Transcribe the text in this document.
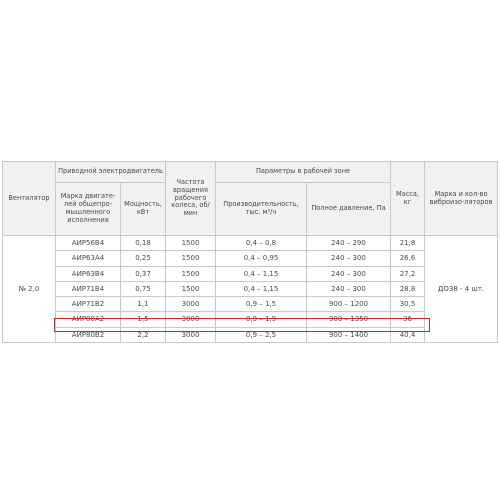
Вентилятор	Приводной электродвигатель		Частота вращения рабочего колеса, об/мин	Параметры в рабочей зоне		Масса, кг	Марка и кол-во виброизо-ляторов
	Марка двигате-лей общепро-мышленного исполнения	Мощность, кВт		Производительность, тыс. м³/ч	Полное давление, Па		
№ 2,0	АИР56В4	0,18	1500	0,4 – 0,8	240 – 290	21,8	ДО38 - 4 шт.
	АИР63А4	0,25	1500	0,4 – 0,95	240 – 300	26,6	
	АИР63В4	0,37	1500	0,4 – 1,15	240 – 300	27,2	
	АИР71В4	0,75	1500	0,4 – 1,15	240 – 300	28,8	
	АИР71В2	1,1	3000	0,9 – 1,5	900 – 1200	30,5	
	АИР80А2	1,5	3000	0,9 – 1,9	900 – 1350	36	
	АИР80В2	2,2	3000	0,9 – 2,5	900 – 1400	40,4	
